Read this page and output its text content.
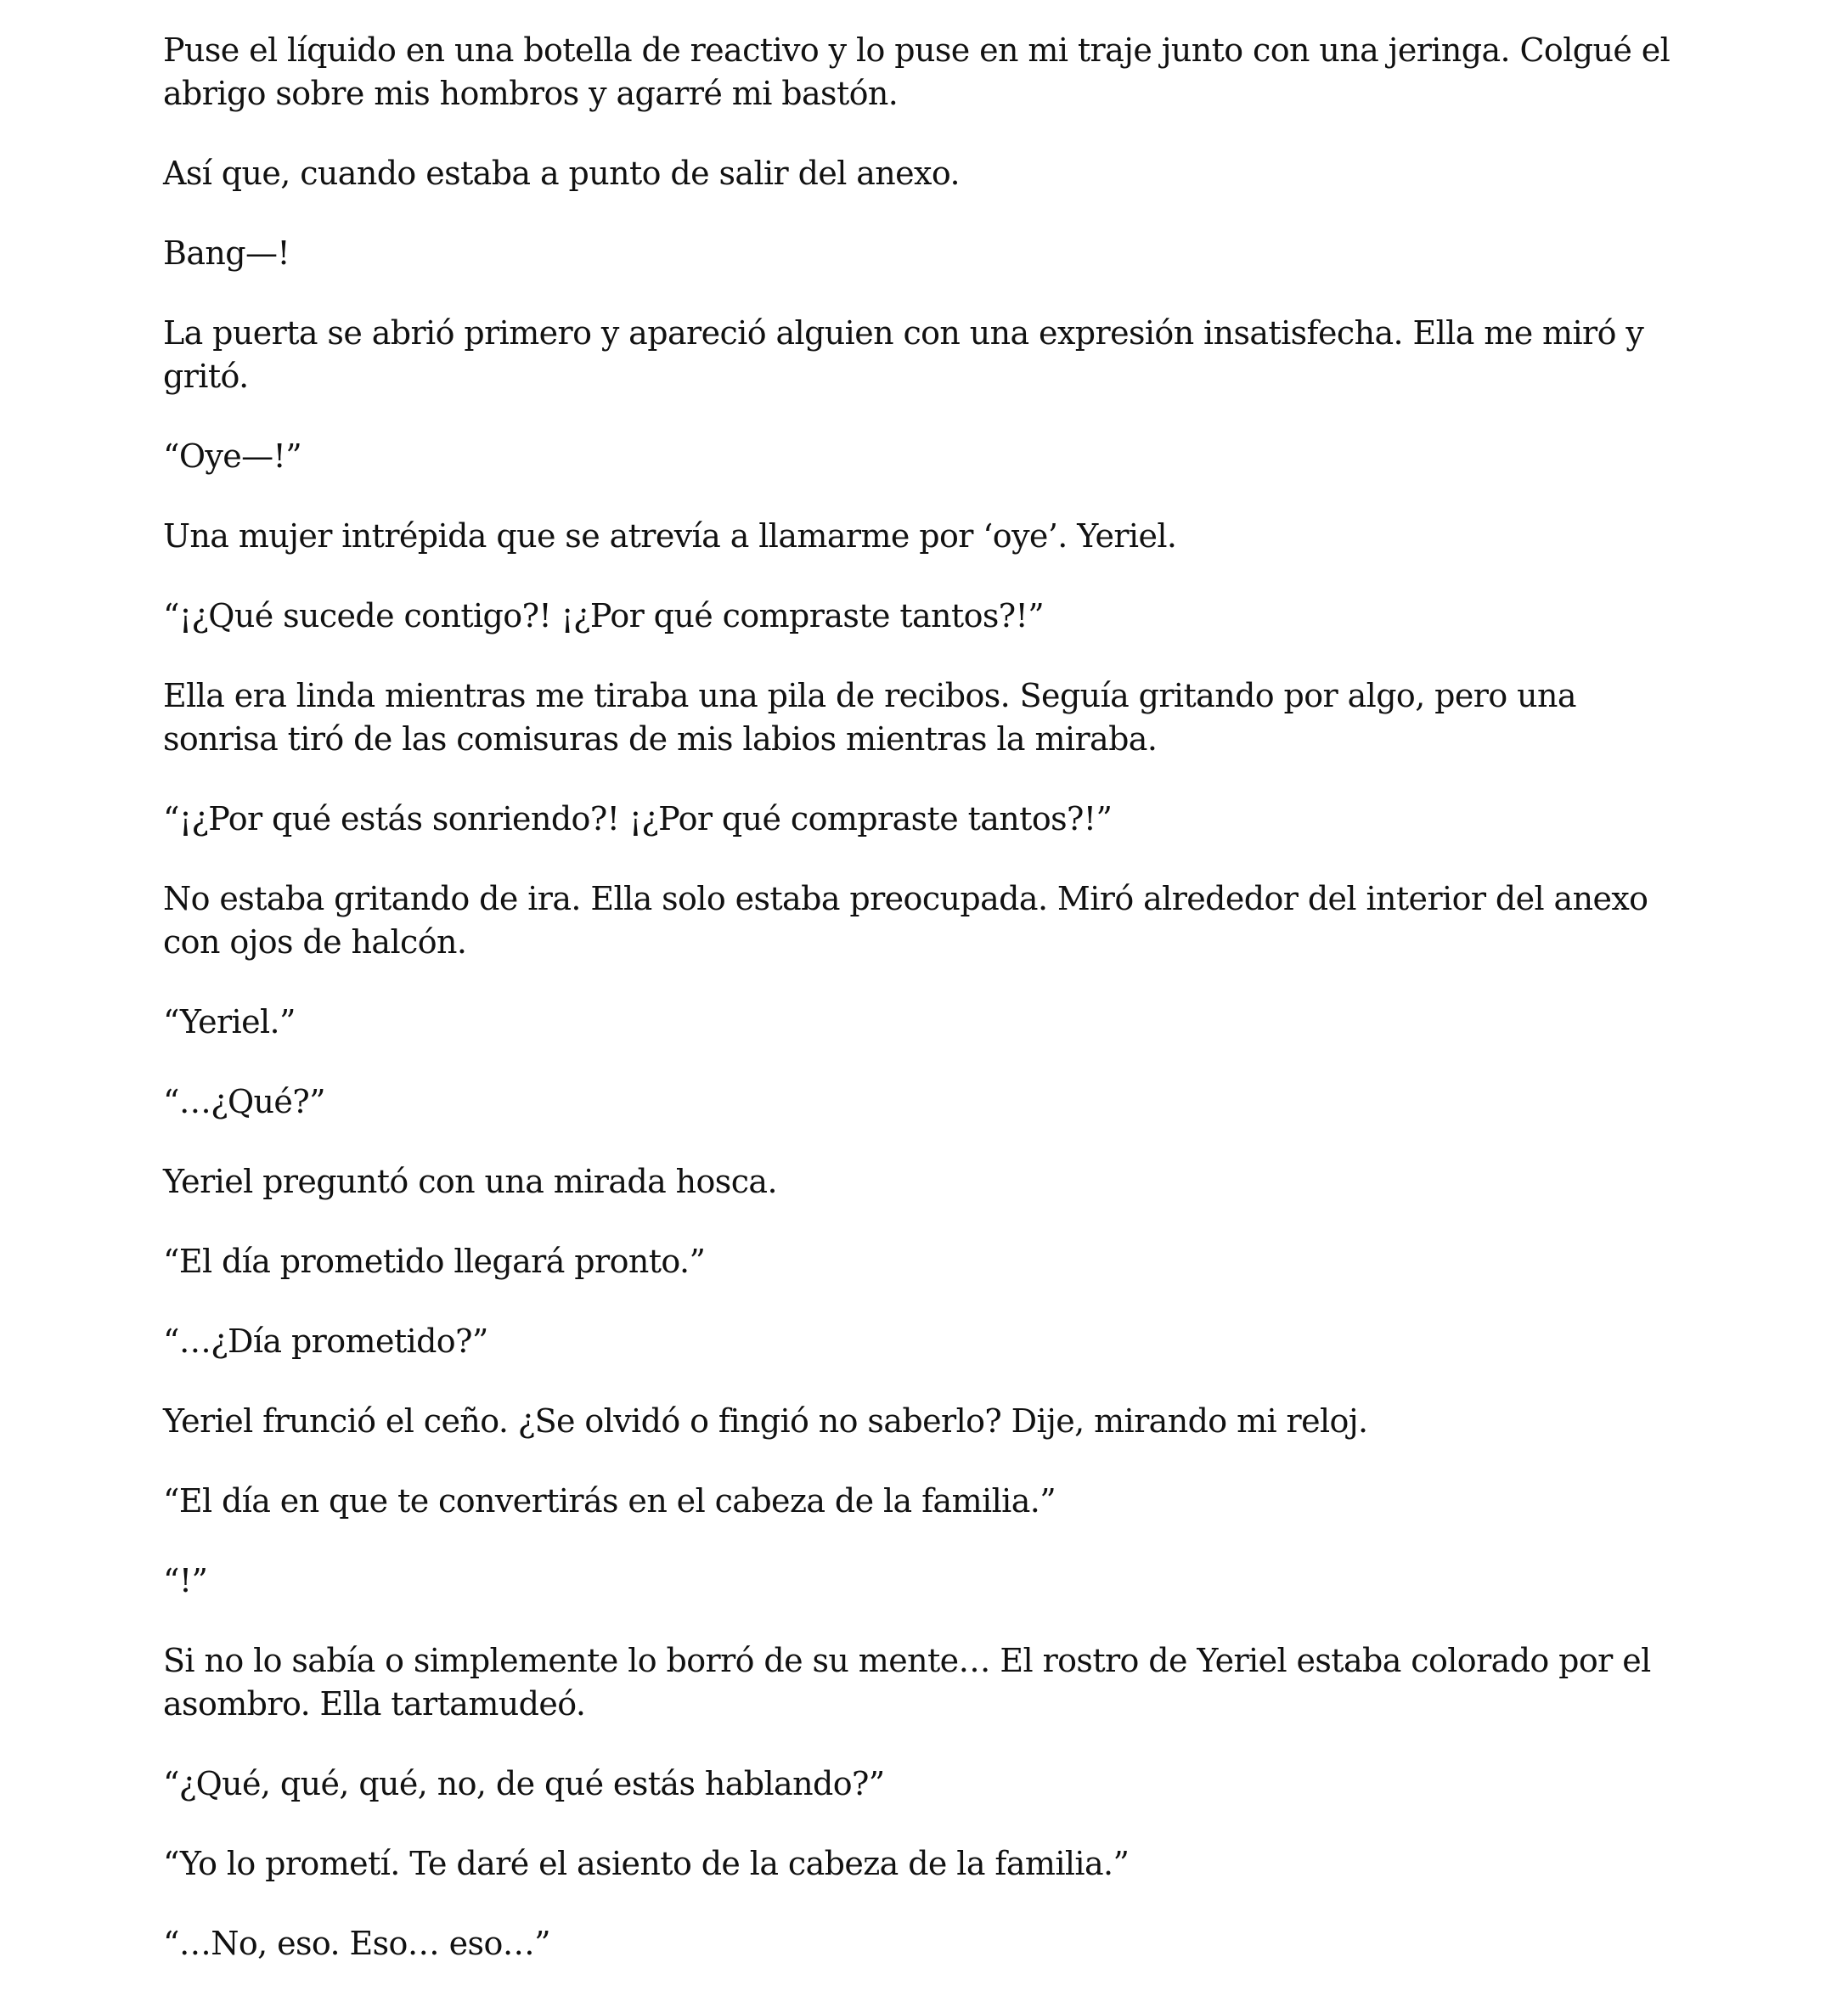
Puse el líquido en una botella de reactivo y lo puse en mi traje junto con una jeringa. Colgué el abrigo sobre mis hombros y agarré mi bastón.

Así que, cuando estaba a punto de salir del anexo.

Bang—!

La puerta se abrió primero y apareció alguien con una expresión insatisfecha. Ella me miró y gritó.

“Oye—!”

Una mujer intrépida que se atrevía a llamarme por ‘oye’. Yeriel.

“¡¿Qué sucede contigo?! ¡¿Por qué compraste tantos?!”

Ella era linda mientras me tiraba una pila de recibos. Seguía gritando por algo, pero una sonrisa tiró de las comisuras de mis labios mientras la miraba.

“¡¿Por qué estás sonriendo?! ¡¿Por qué compraste tantos?!”

No estaba gritando de ira. Ella solo estaba preocupada. Miró alrededor del interior del anexo con ojos de halcón.

“Yeriel.”

“…¿Qué?”

Yeriel preguntó con una mirada hosca.

“El día prometido llegará pronto.”

“…¿Día prometido?”

Yeriel frunció el ceño. ¿Se olvidó o fingió no saberlo? Dije, mirando mi reloj.

“El día en que te convertirás en el cabeza de la familia.”

“!”

Si no lo sabía o simplemente lo borró de su mente… El rostro de Yeriel estaba colorado por el asombro. Ella tartamudeó.

“¿Qué, qué, qué, no, de qué estás hablando?”

“Yo lo prometí. Te daré el asiento de la cabeza de la familia.”

“…No, eso. Eso… eso…”
